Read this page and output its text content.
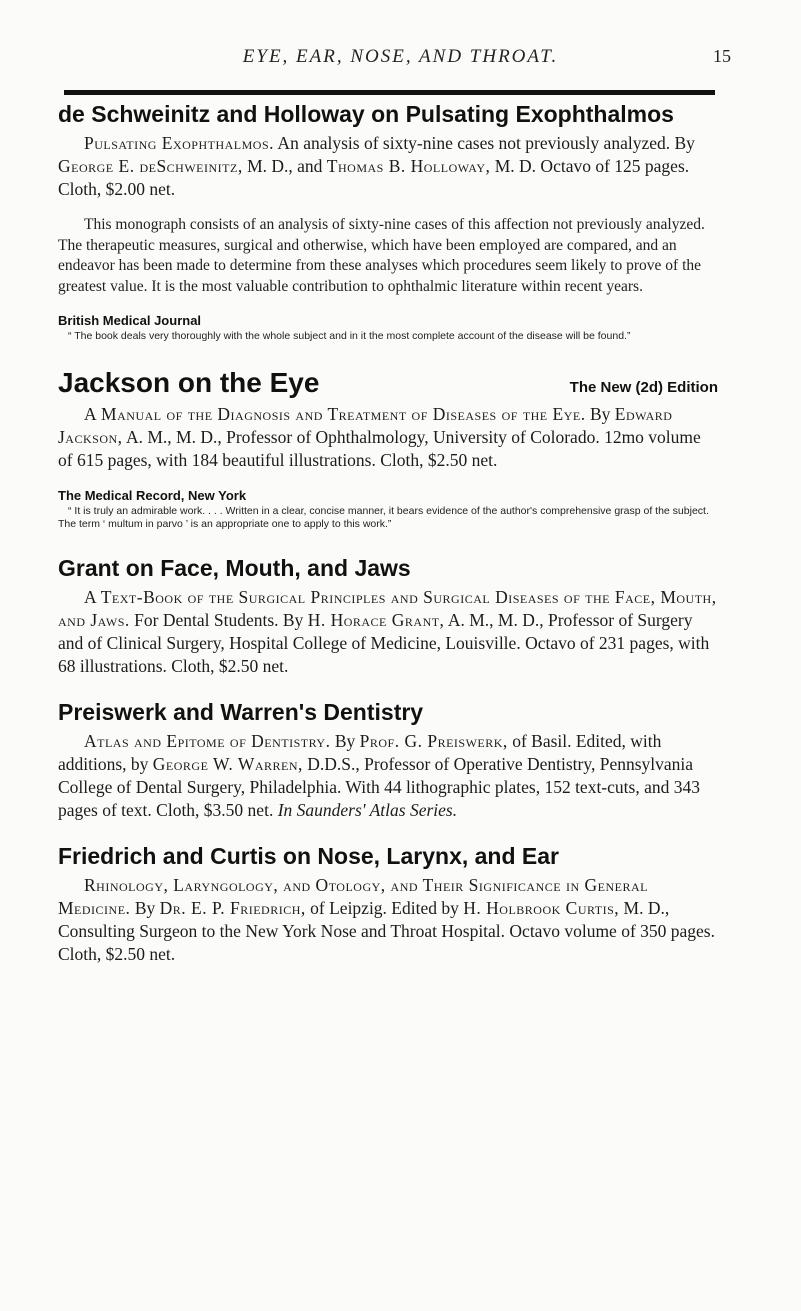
EYE, EAR, NOSE, AND THROAT.	15
de Schweinitz and Holloway on Pulsating Exophthalmos

Pulsating Exophthalmos. An analysis of sixty-nine cases not previously analyzed. By George E. deSchweinitz, M. D., and Thomas B. Holloway, M. D. Octavo of 125 pages. Cloth, $2.00 net.

This monograph consists of an analysis of sixty-nine cases of this affection not previously analyzed. The therapeutic measures, surgical and otherwise, which have been employed are compared, and an endeavor has been made to determine from these analyses which procedures seem likely to prove of the greatest value. It is the most valuable contribution to ophthalmic literature within recent years.

British Medical Journal

“ The book deals very thoroughly with the whole subject and in it the most complete account of the disease will be found.”

Jackson on the Eye	The New (2d) Edition

A Manual of the Diagnosis and Treatment of Diseases of the Eye. By Edward Jackson, A. M., M. D., Professor of Ophthalmology, University of Colorado. 12mo volume of 615 pages, with 184 beautiful illustrations. Cloth, $2.50 net.

The Medical Record, New York

“ It is truly an admirable work. . . . Written in a clear, concise manner, it bears evidence of the author's comprehensive grasp of the subject. The term ‘ multum in parvo ’ is an appropriate one to apply to this work.”

Grant on Face, Mouth, and Jaws

A Text-Book of the Surgical Principles and Surgical Diseases of the Face, Mouth, and Jaws. For Dental Students. By H. Horace Grant, A. M., M. D., Professor of Surgery and of Clinical Surgery, Hospital College of Medicine, Louisville. Octavo of 231 pages, with 68 illustrations. Cloth, $2.50 net.

Preiswerk and Warren's Dentistry

Atlas and Epitome of Dentistry. By Prof. G. Preiswerk, of Basil. Edited, with additions, by George W. Warren, D.D.S., Professor of Operative Dentistry, Pennsylvania College of Dental Surgery, Philadelphia. With 44 lithographic plates, 152 text-cuts, and 343 pages of text. Cloth, $3.50 net. In Saunders' Atlas Series.

Friedrich and Curtis on Nose, Larynx, and Ear

Rhinology, Laryngology, and Otology, and Their Significance in General Medicine. By Dr. E. P. Friedrich, of Leipzig. Edited by H. Holbrook Curtis, M. D., Consulting Surgeon to the New York Nose and Throat Hospital. Octavo volume of 350 pages. Cloth, $2.50 net.
